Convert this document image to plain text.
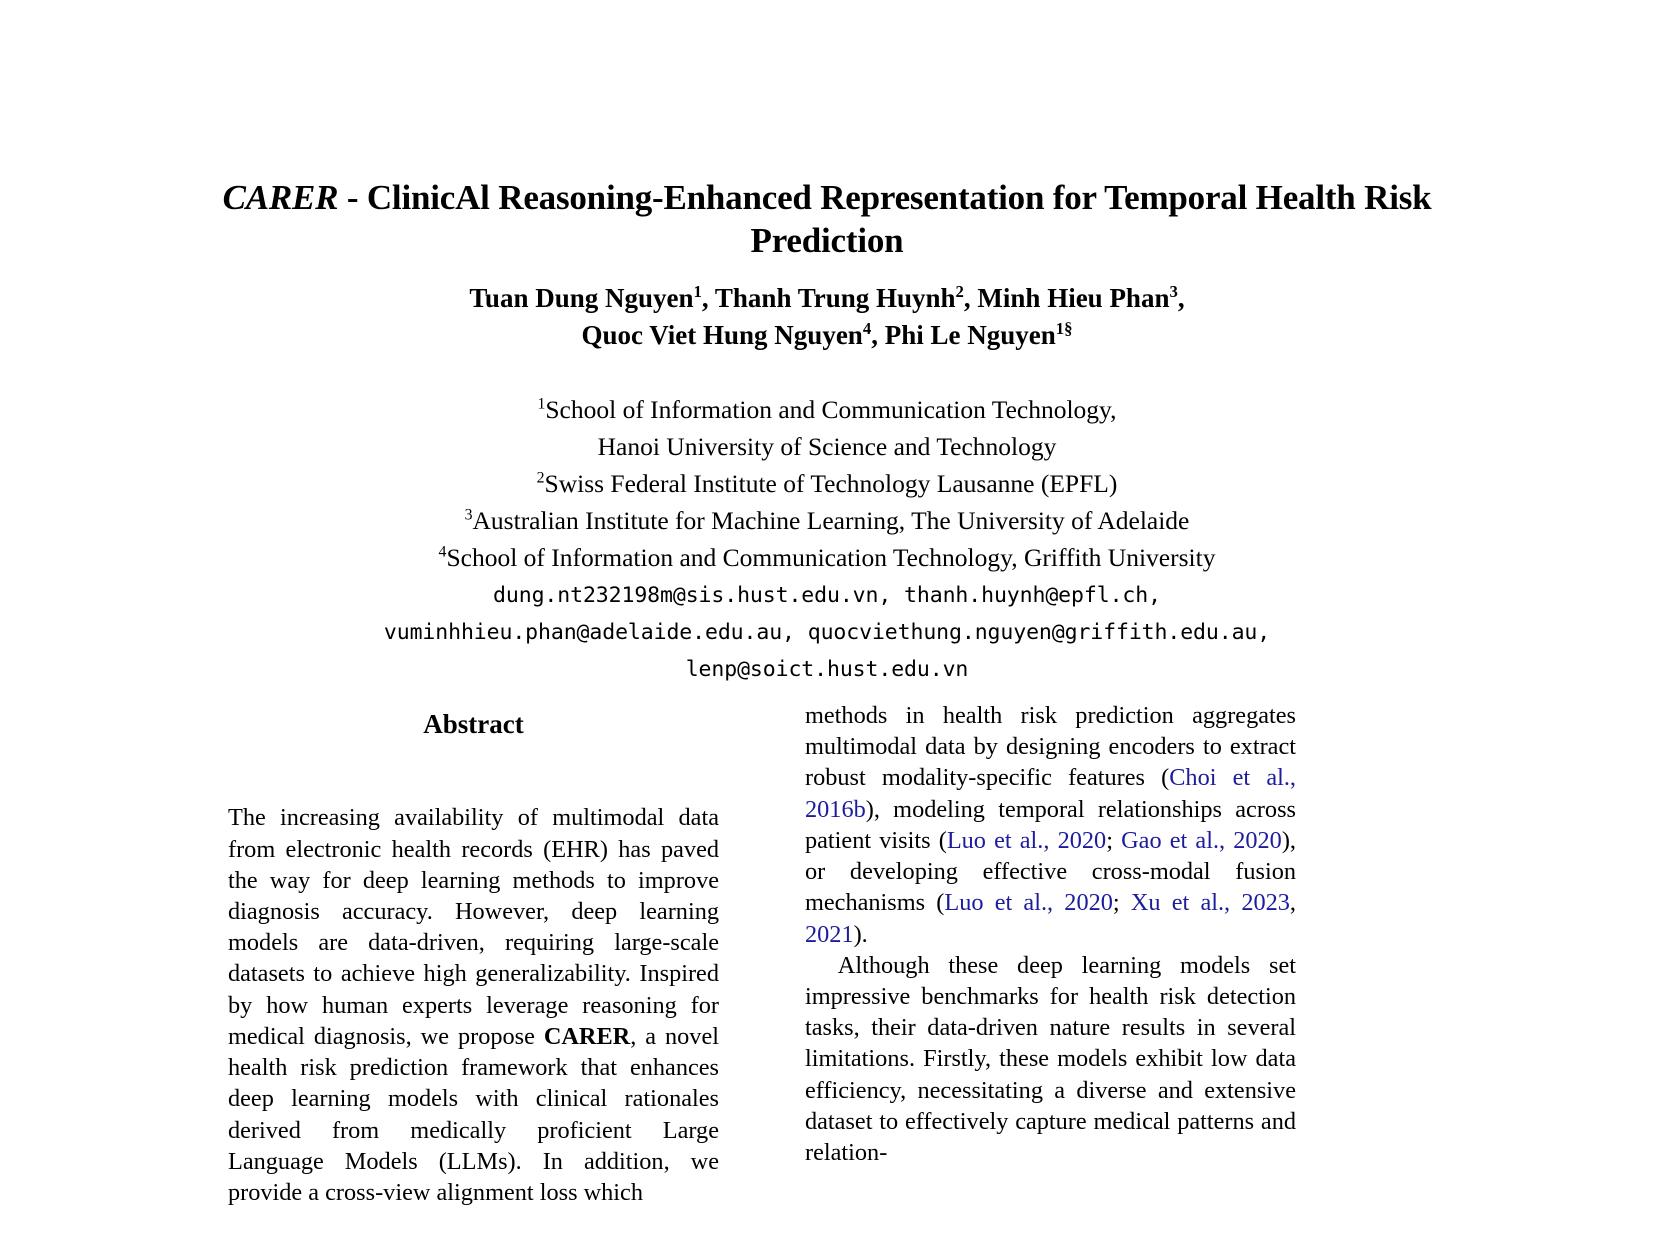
CARER - ClinicAl Reasoning-Enhanced Representation for Temporal Health Risk Prediction
Tuan Dung Nguyen$^1$, Thanh Trung Huynh$^2$, Minh Hieu Phan$^3$,
Quoc Viet Hung Nguyen$^4$, Phi Le Nguyen$^{1\S}$
$^1$School of Information and Communication Technology,
Hanoi University of Science and Technology
$^2$Swiss Federal Institute of Technology Lausanne (EPFL)
$^3$Australian Institute for Machine Learning, The University of Adelaide
$^4$School of Information and Communication Technology, Griffith University
dung.nt232198m@sis.hust.edu.vn, thanh.huynh@epfl.ch,
vuminhhieu.phan@adelaide.edu.au, quocviethung.nguyen@griffith.edu.au,
lenp@soict.hust.edu.vn
Abstract

The increasing availability of multimodal data from electronic health records (EHR) has paved the way for deep learning methods to improve diagnosis accuracy. However, deep learning models are data-driven, requiring large-scale datasets to achieve high generalizability. Inspired by how human experts leverage reasoning for medical diagnosis, we propose CARER, a novel health risk prediction framework that enhances deep learning models with clinical rationales derived from medically proficient Large Language Models (LLMs). In addition, we provide a cross-view alignment loss which

methods in health risk prediction aggregates multimodal data by designing encoders to extract robust modality-specific features (Choi et al., 2016b), modeling temporal relationships across patient visits (Luo et al., 2020; Gao et al., 2020), or developing effective cross-modal fusion mechanisms (Luo et al., 2020; Xu et al., 2023, 2021).

Although these deep learning models set impressive benchmarks for health risk detection tasks, their data-driven nature results in several limitations. Firstly, these models exhibit low data efficiency, necessitating a diverse and extensive dataset to effectively capture medical patterns and relation-
